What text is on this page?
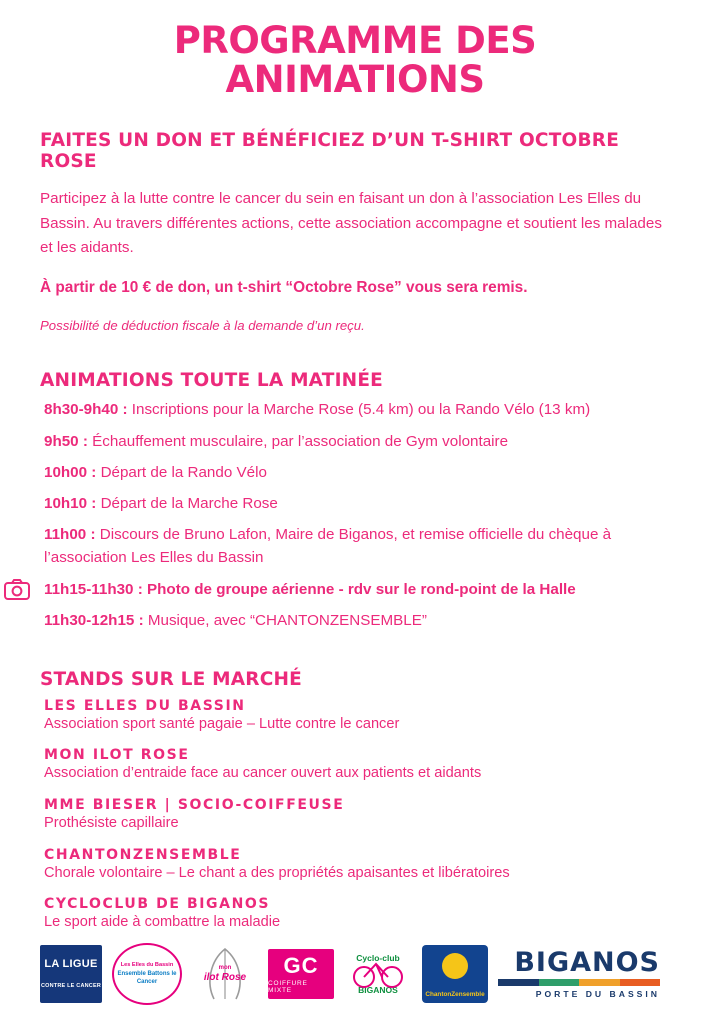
PROGRAMME DES ANIMATIONS
FAITES UN DON ET BÉNÉFICIEZ D’UN T-SHIRT OCTOBRE ROSE

Participez à la lutte contre le cancer du sein en faisant un don à l’association Les Elles du Bassin. Au travers différentes actions, cette association accompagne et soutient les malades et les aidants.

À partir de 10 € de don, un t-shirt “Octobre Rose” vous sera remis.

Possibilité de déduction fiscale à la demande d’un reçu.

ANIMATIONS TOUTE LA MATINÉE
8h30-9h40 : Inscriptions pour la Marche Rose (5.4 km) ou la Rando Vélo (13 km)
9h50 : Échauffement musculaire, par l’association de Gym volontaire
10h00 : Départ de la Rando Vélo
10h10 : Départ de la Marche Rose
11h00 : Discours de Bruno Lafon, Maire de Biganos, et remise officielle du chèque à l’association Les Elles du Bassin
11h15-11h30 : Photo de groupe aérienne - rdv sur le rond-point de la Halle
11h30-12h15 : Musique, avec “CHANTONZENSEMBLE”
STANDS SUR LE MARCHÉ
LES ELLES DU BASSIN
Association sport santé pagaie – Lutte contre le cancer
MON ILOT ROSE
Association d’entraide face au cancer ouvert aux patients et aidants
MME BIESER | SOCIO-COIFFEUSE
Prothésiste capillaire
CHANTONZENSEMBLE
Chorale volontaire – Le chant a des propriétés apaisantes et libératoires
CYCLOCLUB DE BIGANOS
Le sport aide à combattre la maladie
LA LIGUE
CONTRE LE CANCER
Les Elles du Bassin
Ensemble Battons le Cancer
mon
ilot Rose GC
COIFFURE MIXTE
Cyclo-club
BIGANOS	ChantonZensemble
BIGANOS
PORTE DU BASSIN
